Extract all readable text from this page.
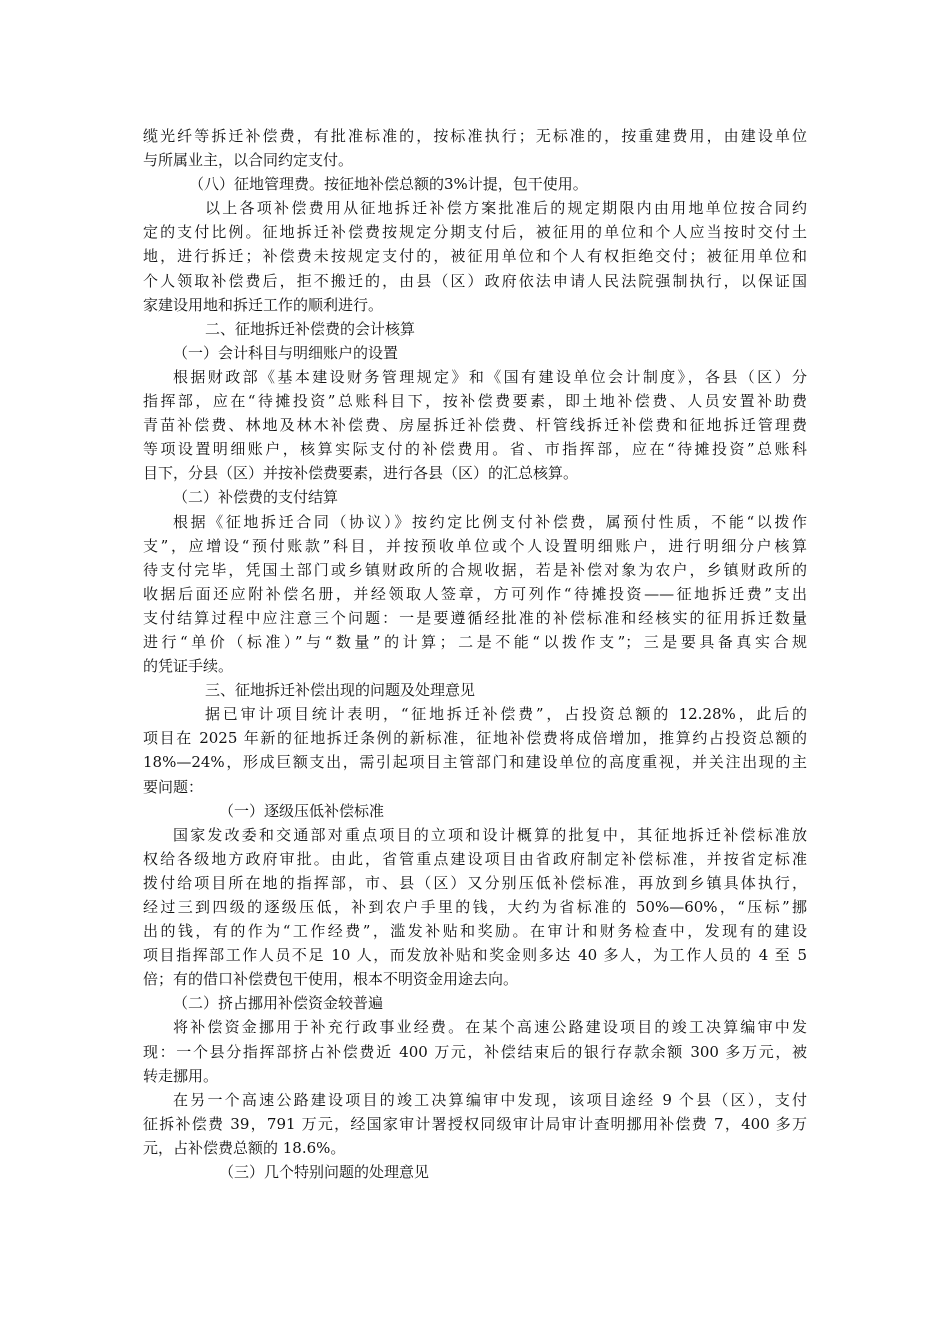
缆光纤等拆迁补偿费，有批准标准的，按标准执行；无标准的，按重建费用，由建设单位
与所属业主，以合同约定支付。
（八）征地管理费。按征地补偿总额的3%计提，包干使用。
以上各项补偿费用从征地拆迁补偿方案批准后的规定期限内由用地单位按合同约
定的支付比例。征地拆迁补偿费按规定分期支付后，被征用的单位和个人应当按时交付土
地，进行拆迁；补偿费未按规定支付的，被征用单位和个人有权拒绝交付；被征用单位和
个人领取补偿费后，拒不搬迁的，由县（区）政府依法申请人民法院强制执行，以保证国
家建设用地和拆迁工作的顺利进行。
二、征地拆迁补偿费的会计核算
（一）会计科目与明细账户的设置
根据财政部《基本建设财务管理规定》和《国有建设单位会计制度》，各县（区）分
指挥部，应在“待摊投资”总账科目下，按补偿费要素，即土地补偿费、人员安置补助费
青苗补偿费、林地及林木补偿费、房屋拆迁补偿费、杆管线拆迁补偿费和征地拆迁管理费
等项设置明细账户，核算实际支付的补偿费用。省、市指挥部，应在“待摊投资”总账科
目下，分县（区）并按补偿费要素，进行各县（区）的汇总核算。
（二）补偿费的支付结算
根据《征地拆迁合同（协议）》按约定比例支付补偿费，属预付性质，不能“以拨作
支”，应增设“预付账款”科目，并按预收单位或个人设置明细账户，进行明细分户核算
待支付完毕，凭国土部门或乡镇财政所的合规收据，若是补偿对象为农户，乡镇财政所的
收据后面还应附补偿名册，并经领取人签章，方可列作“待摊投资——征地拆迁费”支出
支付结算过程中应注意三个问题：一是要遵循经批准的补偿标准和经核实的征用拆迁数量
进行“单价（标准）”与“数量”的计算；二是不能“以拨作支”；三是要具备真实合规
的凭证手续。
三、征地拆迁补偿出现的问题及处理意见
据已审计项目统计表明，“征地拆迁补偿费”，占投资总额的 12.28%，此后的
项目在 2025 年新的征地拆迁条例的新标准，征地补偿费将成倍增加，推算约占投资总额的
18%—24%，形成巨额支出，需引起项目主管部门和建设单位的高度重视，并关注出现的主
要问题：
（一）逐级压低补偿标准
国家发改委和交通部对重点项目的立项和设计概算的批复中，其征地拆迁补偿标准放
权给各级地方政府审批。由此，省管重点建设项目由省政府制定补偿标准，并按省定标准
拨付给项目所在地的指挥部，市、县（区）又分别压低补偿标准，再放到乡镇具体执行，
经过三到四级的逐级压低，补到农户手里的钱，大约为省标准的 50%—60%，“压标”挪
出的钱，有的作为“工作经费”，滥发补贴和奖励。在审计和财务检查中，发现有的建设
项目指挥部工作人员不足 10 人，而发放补贴和奖金则多达 40 多人，为工作人员的 4 至 5
倍；有的借口补偿费包干使用，根本不明资金用途去向。
（二）挤占挪用补偿资金较普遍
将补偿资金挪用于补充行政事业经费。在某个高速公路建设项目的竣工决算编审中发
现：一个县分指挥部挤占补偿费近 400 万元，补偿结束后的银行存款余额 300 多万元，被
转走挪用。
在另一个高速公路建设项目的竣工决算编审中发现，该项目途经 9 个县（区），支付
征拆补偿费 39，791 万元，经国家审计署授权同级审计局审计查明挪用补偿费 7，400 多万
元，占补偿费总额的 18.6%。
（三）几个特别问题的处理意见
